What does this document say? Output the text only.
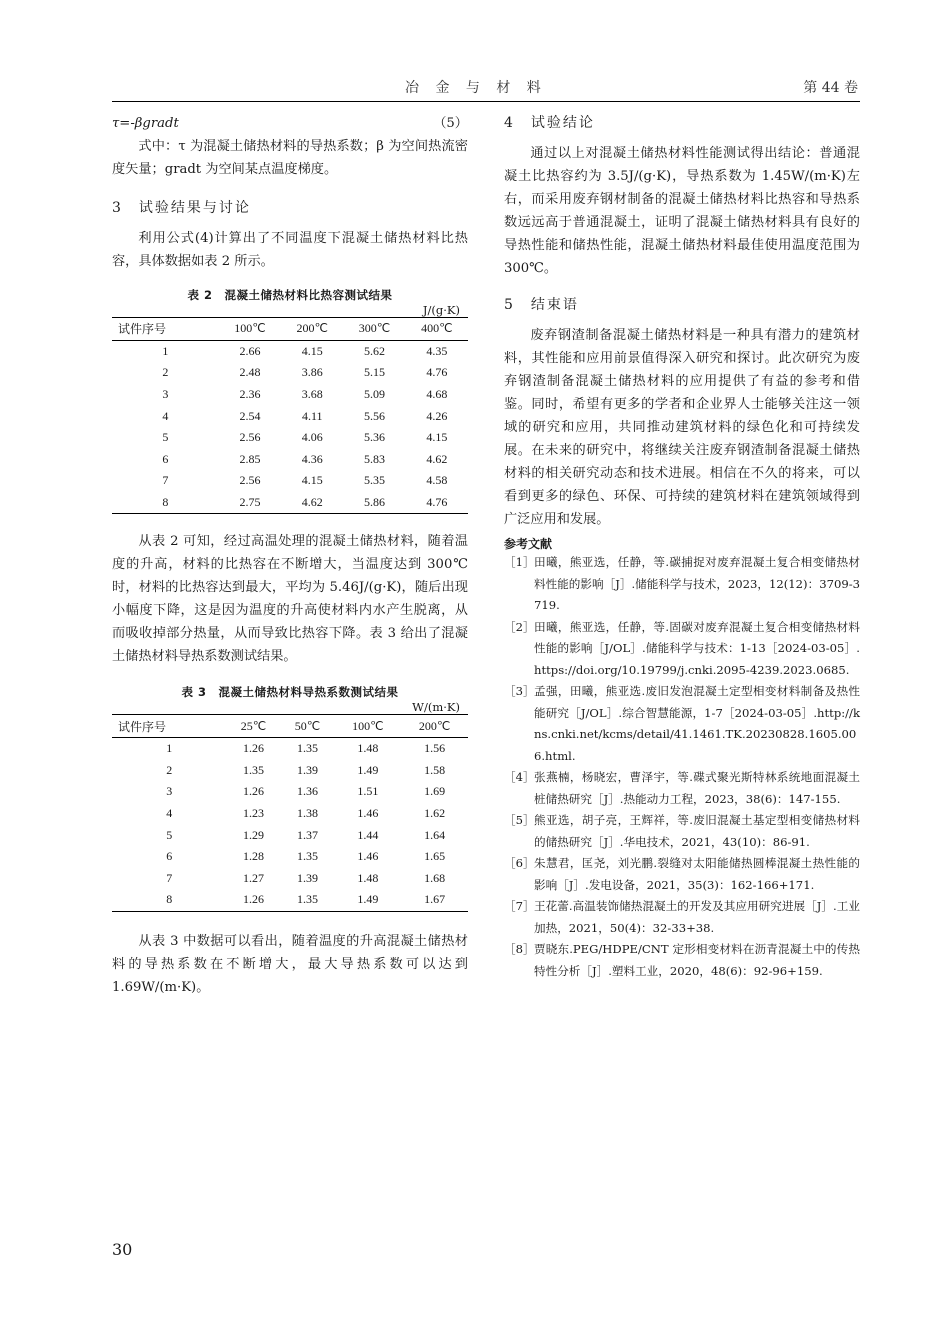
冶 金 与 材 料	第 44 卷
τ=-βgradt	（5）

式中：τ 为混凝土储热材料的导热系数；β 为空间热流密度矢量；gradt 为空间某点温度梯度。

3　试验结果与讨论

利用公式(4)计算出了不同温度下混凝土储热材料比热容，具体数据如表 2 所示。

表 2　混凝土储热材料比热容测试结果
J/(g·K)
试件序号	100℃	200℃	300℃	400℃
1	2.66	4.15	5.62	4.35
2	2.48	3.86	5.15	4.76
3	2.36	3.68	5.09	4.68
4	2.54	4.11	5.56	4.26
5	2.56	4.06	5.36	4.15
6	2.85	4.36	5.83	4.62
7	2.56	4.15	5.35	4.58
8	2.75	4.62	5.86	4.76

从表 2 可知，经过高温处理的混凝土储热材料，随着温度的升高，材料的比热容在不断增大，当温度达到 300℃时，材料的比热容达到最大，平均为 5.46J/(g·K)，随后出现小幅度下降，这是因为温度的升高使材料内水产生脱离，从而吸收掉部分热量，从而导致比热容下降。表 3 给出了混凝土储热材料导热系数测试结果。

表 3　混凝土储热材料导热系数测试结果
W/(m·K)
试件序号	25℃	50℃	100℃	200℃
1	1.26	1.35	1.48	1.56
2	1.35	1.39	1.49	1.58
3	1.26	1.36	1.51	1.69
4	1.23	1.38	1.46	1.62
5	1.29	1.37	1.44	1.64
6	1.28	1.35	1.46	1.65
7	1.27	1.39	1.48	1.68
8	1.26	1.35	1.49	1.67

从表 3 中数据可以看出，随着温度的升高混凝土储热材料的导热系数在不断增大，最大导热系数可以达到 1.69W/(m·K)。

4　试验结论

通过以上对混凝土储热材料性能测试得出结论：普通混凝土比热容约为 3.5J/(g·K)，导热系数为 1.45W/(m·K)左右，而采用废弃钢材制备的混凝土储热材料比热容和导热系数远远高于普通混凝土，证明了混凝土储热材料具有良好的导热性能和储热性能，混凝土储热材料最佳使用温度范围为 300℃。

5　结束语

废弃钢渣制备混凝土储热材料是一种具有潜力的建筑材料，其性能和应用前景值得深入研究和探讨。此次研究为废弃钢渣制备混凝土储热材料的应用提供了有益的参考和借鉴。同时，希望有更多的学者和企业界人士能够关注这一领域的研究和应用，共同推动建筑材料的绿色化和可持续发展。在未来的研究中，将继续关注废弃钢渣制备混凝土储热材料的相关研究动态和技术进展。相信在不久的将来，可以看到更多的绿色、环保、可持续的建筑材料在建筑领域得到广泛应用和发展。

参考文献
［1］ 田曦，熊亚选，任静，等.碳捕捉对废弃混凝土复合相变储热材料性能的影响［J］.储能科学与技术，2023，12(12)：3709-3719.
［2］ 田曦，熊亚选，任静，等.固碳对废弃混凝土复合相变储热材料性能的影响［J/OL］.储能科学与技术：1-13［2024-03-05］.https://doi.org/10.19799/j.cnki.2095-4239.2023.0685.
［3］ 孟强，田曦，熊亚选.废旧发泡混凝土定型相变材料制备及热性能研究［J/OL］.综合智慧能源，1-7［2024-03-05］.http://kns.cnki.net/kcms/detail/41.1461.TK.20230828.1605.006.html.
［4］ 张燕楠，杨晓宏，曹泽宇，等.碟式聚光斯特林系统地面混凝土桩储热研究［J］.热能动力工程，2023，38(6)：147-155.
［5］ 熊亚选，胡子亮，王辉祥，等.废旧混凝土基定型相变储热材料的储热研究［J］.华电技术，2021，43(10)：86-91.
［6］ 朱慧君，匡尧，刘光鹏.裂缝对太阳能储热圆棒混凝土热性能的影响［J］.发电设备，2021，35(3)：162-166+171.
［7］ 王花蕾.高温装饰储热混凝土的开发及其应用研究进展［J］.工业加热，2021，50(4)：32-33+38.
［8］ 贾晓东.PEG/HDPE/CNT 定形相变材料在沥青混凝土中的传热特性分析［J］.塑料工业，2020，48(6)：92-96+159.
30
